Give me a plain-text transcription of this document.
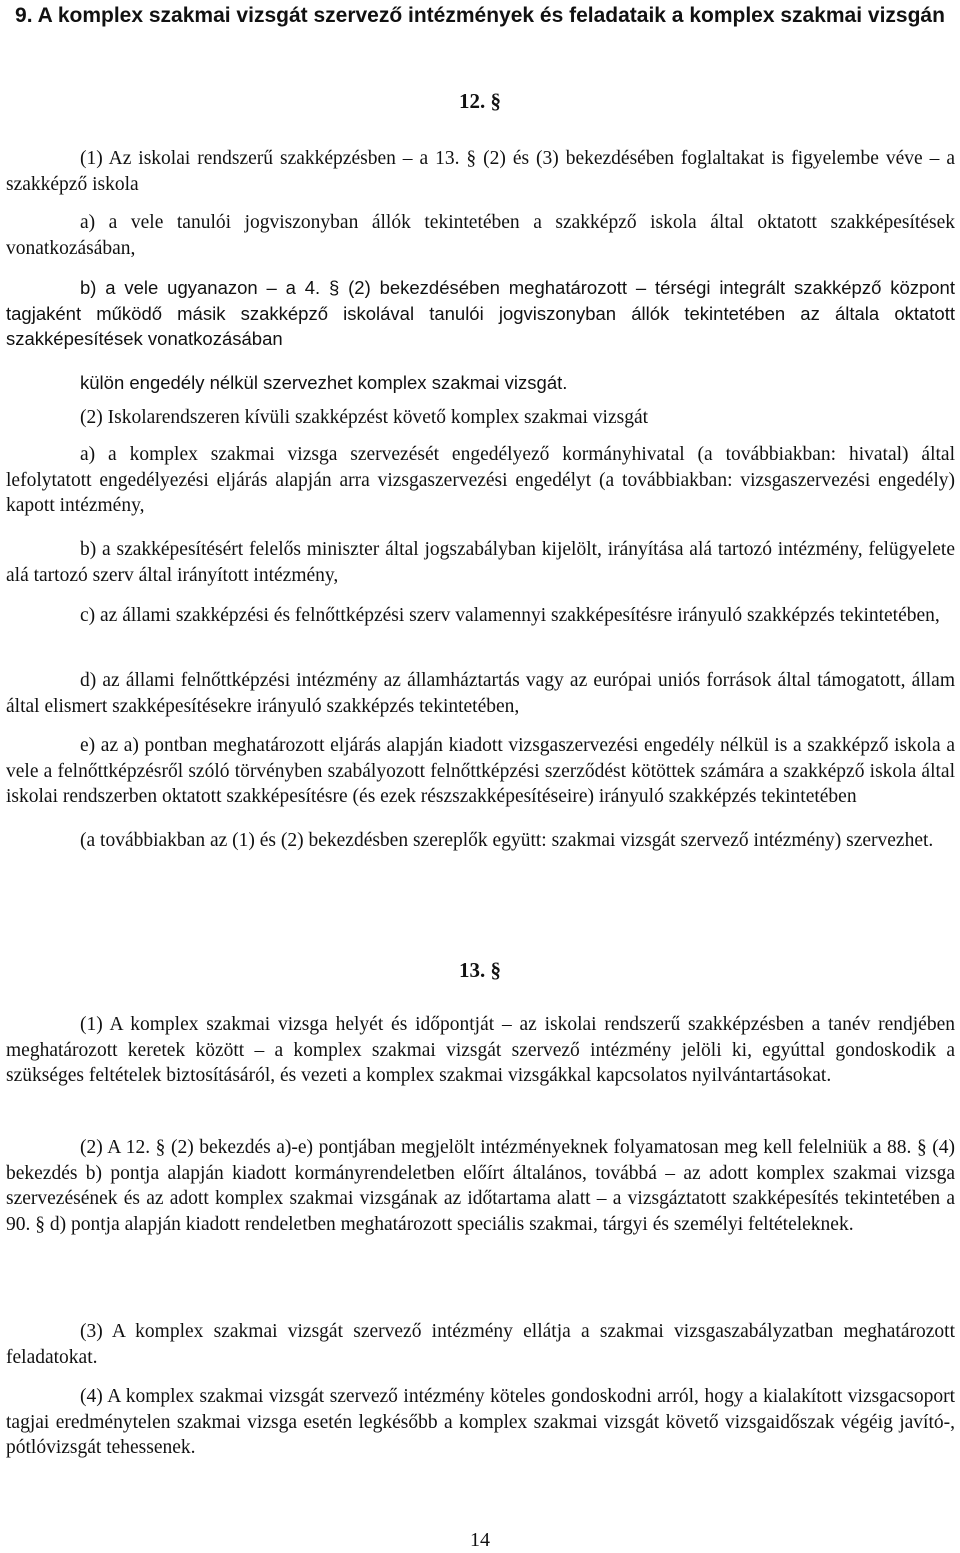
9. A komplex szakmai vizsgát szervező intézmények és feladataik a komplex szakmai vizsgán
12. §

(1) Az iskolai rendszerű szakképzésben – a 13. § (2) és (3) bekezdésében foglaltakat is figyelembe véve – a szakképző iskola

a) a vele tanulói jogviszonyban állók tekintetében a szakképző iskola által oktatott szakképesítések vonatkozásában,

b) a vele ugyanazon – a 4. § (2) bekezdésében meghatározott – térségi integrált szakképző központ tagjaként működő másik szakképző iskolával tanulói jogviszonyban állók tekintetében az általa oktatott szakképesítések vonatkozásában

külön engedély nélkül szervezhet komplex szakmai vizsgát.

(2) Iskolarendszeren kívüli szakképzést követő komplex szakmai vizsgát

a) a komplex szakmai vizsga szervezését engedélyező kormányhivatal (a továbbiakban: hivatal) által lefolytatott engedélyezési eljárás alapján arra vizsgaszervezési engedélyt (a továbbiakban: vizsgaszervezési engedély) kapott intézmény,

b) a szakképesítésért felelős miniszter által jogszabályban kijelölt, irányítása alá tartozó intézmény, felügyelete alá tartozó szerv által irányított intézmény,

c) az állami szakképzési és felnőttképzési szerv valamennyi szakképesítésre irányuló szakképzés tekintetében,

d) az állami felnőttképzési intézmény az államháztartás vagy az európai uniós források által támogatott, állam által elismert szakképesítésekre irányuló szakképzés tekintetében,

e) az a) pontban meghatározott eljárás alapján kiadott vizsgaszervezési engedély nélkül is a szakképző iskola a vele a felnőttképzésről szóló törvényben szabályozott felnőttképzési szerződést kötöttek számára a szakképző iskola által iskolai rendszerben oktatott szakképesítésre (és ezek részszakképesítéseire) irányuló szakképzés tekintetében

(a továbbiakban az (1) és (2) bekezdésben szereplők együtt: szakmai vizsgát szervező intézmény) szervezhet.

13. §

(1) A komplex szakmai vizsga helyét és időpontját – az iskolai rendszerű szakképzésben a tanév rendjében meghatározott keretek között – a komplex szakmai vizsgát szervező intézmény jelöli ki, egyúttal gondoskodik a szükséges feltételek biztosításáról, és vezeti a komplex szakmai vizsgákkal kapcsolatos nyilvántartásokat.

(2) A 12. § (2) bekezdés a)-e) pontjában megjelölt intézményeknek folyamatosan meg kell felelniük a 88. § (4) bekezdés b) pontja alapján kiadott kormányrendeletben előírt általános, továbbá – az adott komplex szakmai vizsga szervezésének és az adott komplex szakmai vizsgának az időtartama alatt – a vizsgáztatott szakképesítés tekintetében a 90. § d) pontja alapján kiadott rendeletben meghatározott speciális szakmai, tárgyi és személyi feltételeknek.

(3) A komplex szakmai vizsgát szervező intézmény ellátja a szakmai vizsgaszabályzatban meghatározott feladatokat.

(4) A komplex szakmai vizsgát szervező intézmény köteles gondoskodni arról, hogy a kialakított vizsgacsoport tagjai eredménytelen szakmai vizsga esetén legkésőbb a komplex szakmai vizsgát követő vizsgaidőszak végéig javító-, pótlóvizsgát tehessenek.

14
